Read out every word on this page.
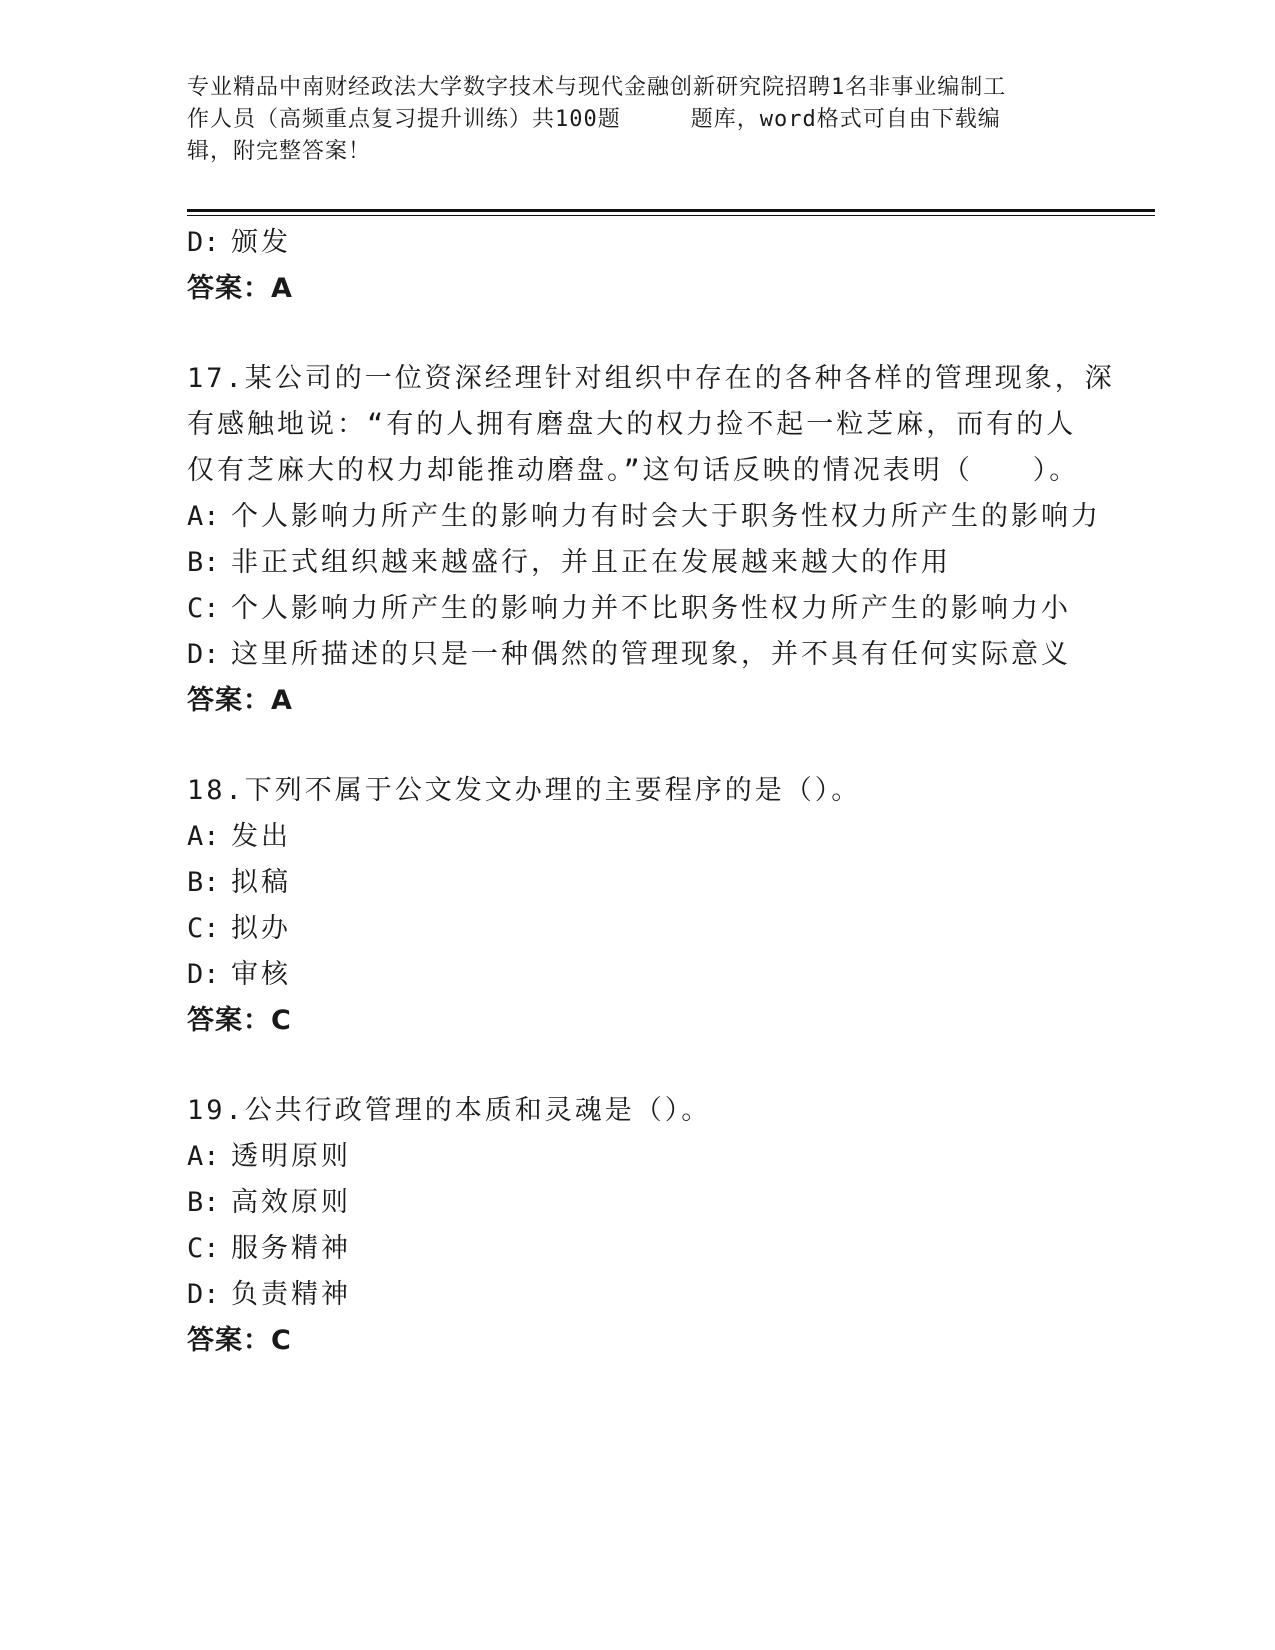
专业精品中南财经政法大学数字技术与现代金融创新研究院招聘1名非事业编制工
作人员（高频重点复习提升训练）共100题	题库，word格式可自由下载编
辑，附完整答案！
D: 颁发
答案：A
17.某公司的一位资深经理针对组织中存在的各种各样的管理现象，深
有感触地说：“有的人拥有磨盘大的权力捡不起一粒芝麻，而有的人
仅有芝麻大的权力却能推动磨盘。”这句话反映的情况表明（　　）。
A: 个人影响力所产生的影响力有时会大于职务性权力所产生的影响力
B: 非正式组织越来越盛行，并且正在发展越来越大的作用
C: 个人影响力所产生的影响力并不比职务性权力所产生的影响力小
D: 这里所描述的只是一种偶然的管理现象，并不具有任何实际意义
答案：A
18.下列不属于公文发文办理的主要程序的是（）。
A: 发出
B: 拟稿
C: 拟办
D: 审核
答案：C
19.公共行政管理的本质和灵魂是（）。
A: 透明原则
B: 高效原则
C: 服务精神
D: 负责精神
答案：C
